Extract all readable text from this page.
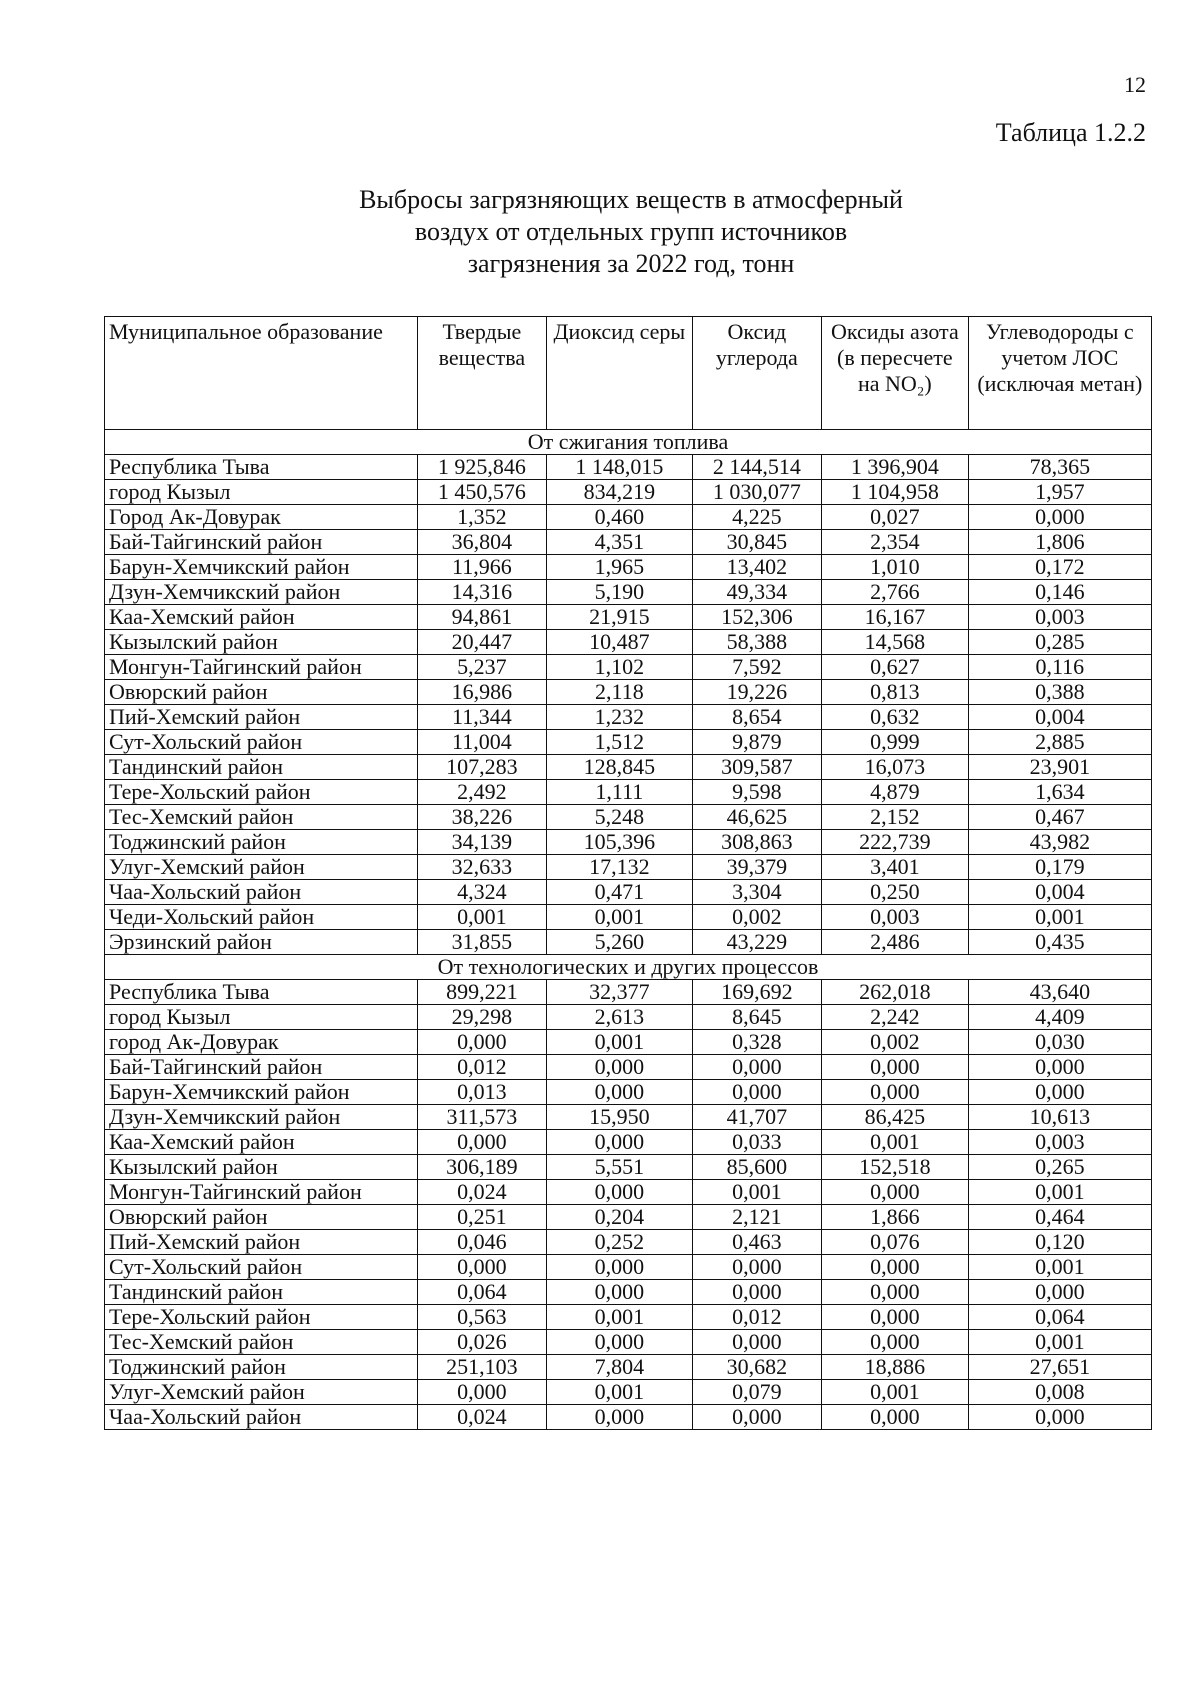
12
Таблица 1.2.2
Выбросы загрязняющих веществ в атмосферный
воздух от отдельных групп источников
загрязнения за 2022 год, тонн
Муниципальное образование	Твердые вещества	Диоксид серы	Оксид углерода	Оксиды азота (в пересчете на NO₂)	Углеводороды с учетом ЛОС (исключая метан)
От сжигания топлива					
Республика Тыва	1 925,846	1 148,015	2 144,514	1 396,904	78,365
город Кызыл	1 450,576	834,219	1 030,077	1 104,958	1,957
Город Ак-Довурак	1,352	0,460	4,225	0,027	0,000
Бай-Тайгинский район	36,804	4,351	30,845	2,354	1,806
Барун-Хемчикский район	11,966	1,965	13,402	1,010	0,172
Дзун-Хемчикский район	14,316	5,190	49,334	2,766	0,146
Каа-Хемский район	94,861	21,915	152,306	16,167	0,003
Кызылский район	20,447	10,487	58,388	14,568	0,285
Монгун-Тайгинский район	5,237	1,102	7,592	0,627	0,116
Овюрский район	16,986	2,118	19,226	0,813	0,388
Пий-Хемский район	11,344	1,232	8,654	0,632	0,004
Сут-Хольский район	11,004	1,512	9,879	0,999	2,885
Тандинский район	107,283	128,845	309,587	16,073	23,901
Тере-Хольский район	2,492	1,111	9,598	4,879	1,634
Тес-Хемский район	38,226	5,248	46,625	2,152	0,467
Тоджинский район	34,139	105,396	308,863	222,739	43,982
Улуг-Хемский район	32,633	17,132	39,379	3,401	0,179
Чаа-Хольский район	4,324	0,471	3,304	0,250	0,004
Чеди-Хольский район	0,001	0,001	0,002	0,003	0,001
Эрзинский район	31,855	5,260	43,229	2,486	0,435
От технологических и других процессов					
Республика Тыва	899,221	32,377	169,692	262,018	43,640
город Кызыл	29,298	2,613	8,645	2,242	4,409
город Ак-Довурак	0,000	0,001	0,328	0,002	0,030
Бай-Тайгинский район	0,012	0,000	0,000	0,000	0,000
Барун-Хемчикский район	0,013	0,000	0,000	0,000	0,000
Дзун-Хемчикский район	311,573	15,950	41,707	86,425	10,613
Каа-Хемский район	0,000	0,000	0,033	0,001	0,003
Кызылский район	306,189	5,551	85,600	152,518	0,265
Монгун-Тайгинский район	0,024	0,000	0,001	0,000	0,001
Овюрский район	0,251	0,204	2,121	1,866	0,464
Пий-Хемский район	0,046	0,252	0,463	0,076	0,120
Сут-Хольский район	0,000	0,000	0,000	0,000	0,001
Тандинский район	0,064	0,000	0,000	0,000	0,000
Тере-Хольский район	0,563	0,001	0,012	0,000	0,064
Тес-Хемский район	0,026	0,000	0,000	0,000	0,001
Тоджинский район	251,103	7,804	30,682	18,886	27,651
Улуг-Хемский район	0,000	0,001	0,079	0,001	0,008
Чаа-Хольский район	0,024	0,000	0,000	0,000	0,000
